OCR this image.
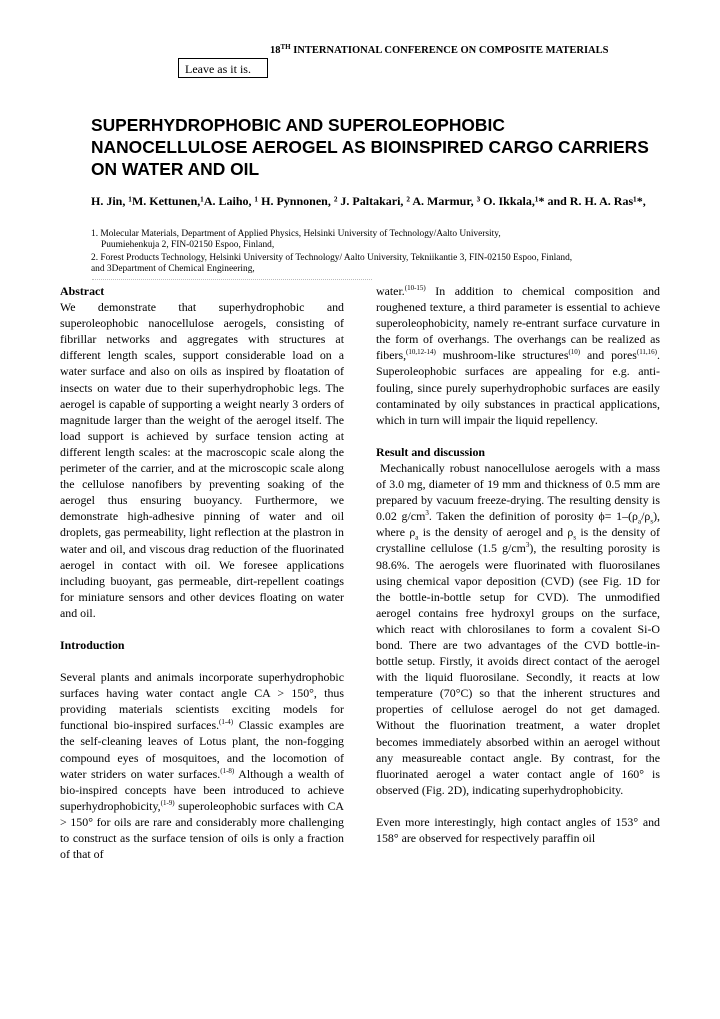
18TH INTERNATIONAL CONFERENCE ON COMPOSITE MATERIALS
Leave as it is.
SUPERHYDROPHOBIC AND SUPEROLEOPHOBIC NANOCELLULOSE AEROGEL AS BIOINSPIRED CARGO CARRIERS ON WATER AND OIL
H. Jin, ¹M. Kettunen,¹A. Laiho, ¹ H. Pynnonen, ² J. Paltakari, ² A. Marmur, ³ O. Ikkala,¹* and R. H. A. Ras¹*,
1. Molecular Materials, Department of Applied Physics, Helsinki University of Technology/Aalto University,
Puumiehenkuja 2, FIN-02150 Espoo, Finland,
2. Forest Products Technology, Helsinki University of Technology/ Aalto University, Tekniikantie 3, FIN-02150 Espoo, Finland,
and 3Department of Chemical Engineering,

Abstract

We demonstrate that superhydrophobic and superoleophobic nanocellulose aerogels, consisting of fibrillar networks and aggregates with structures at different length scales, support considerable load on a water surface and also on oils as inspired by floatation of insects on water due to their superhydrophobic legs. The aerogel is capable of supporting a weight nearly 3 orders of magnitude larger than the weight of the aerogel itself. The load support is achieved by surface tension acting at different length scales: at the macroscopic scale along the perimeter of the carrier, and at the microscopic scale along the cellulose nanofibers by preventing soaking of the aerogel thus ensuring buoyancy. Furthermore, we demonstrate high-adhesive pinning of water and oil droplets, gas permeability, light reflection at the plastron in water and oil, and viscous drag reduction of the fluorinated aerogel in contact with oil. We foresee applications including buoyant, gas permeable, dirt-repellent coatings for miniature sensors and other devices floating on water and oil.

Introduction

Several plants and animals incorporate superhydrophobic surfaces having water contact angle CA > 150°, thus providing materials scientists exciting models for functional bio-inspired surfaces.$^{(1-4)}$ Classic examples are the self-cleaning leaves of Lotus plant, the non-fogging compound eyes of mosquitoes, and the locomotion of water striders on water surfaces.$^{(1-8)}$ Although a wealth of bio-inspired concepts have been introduced to achieve superhydrophobicity,$^{(1-9)}$ superoleophobic surfaces with CA > 150° for oils are rare and considerably more challenging to construct as the surface tension of oils is only a fraction of that of

water.$^{(10-15)}$ In addition to chemical composition and roughened texture, a third parameter is essential to achieve superoleophobicity, namely re-entrant surface curvature in the form of overhangs. The overhangs can be realized as fibers,$^{(10,12-14)}$ mushroom-like structures$^{(10)}$ and pores$^{(11,16)}$. Superoleophobic surfaces are appealing for e.g. anti-fouling, since purely superhydrophobic surfaces are easily contaminated by oily substances in practical applications, which in turn will impair the liquid repellency.

Result and discussion

Mechanically robust nanocellulose aerogels with a mass of 3.0 mg, diameter of 19 mm and thickness of 0.5 mm are prepared by vacuum freeze-drying. The resulting density is 0.02 $g/cm^3$. Taken the definition of porosity $\phi= 1-(\rho_a/\rho_s)$, where $\rho_a$ is the density of aerogel and $\rho_s$ is the density of crystalline cellulose (1.5 $g/cm^3$), the resulting porosity is 98.6%. The aerogels were fluorinated with fluorosilanes using chemical vapor deposition (CVD) (see Fig. 1D for the bottle-in-bottle setup for CVD). The unmodified aerogel contains free hydroxyl groups on the surface, which react with chlorosilanes to form a covalent Si-O bond. There are two advantages of the CVD bottle-in-bottle setup. Firstly, it avoids direct contact of the aerogel with the liquid fluorosilane. Secondly, it reacts at low temperature (70°C) so that the inherent structures and properties of cellulose aerogel do not get damaged. Without the fluorination treatment, a water droplet becomes immediately absorbed within an aerogel without any measureable contact angle. By contrast, for the fluorinated aerogel a water contact angle of 160° is observed (Fig. 2D), indicating superhydrophobicity.

Even more interestingly, high contact angles of 153° and 158° are observed for respectively paraffin oil
